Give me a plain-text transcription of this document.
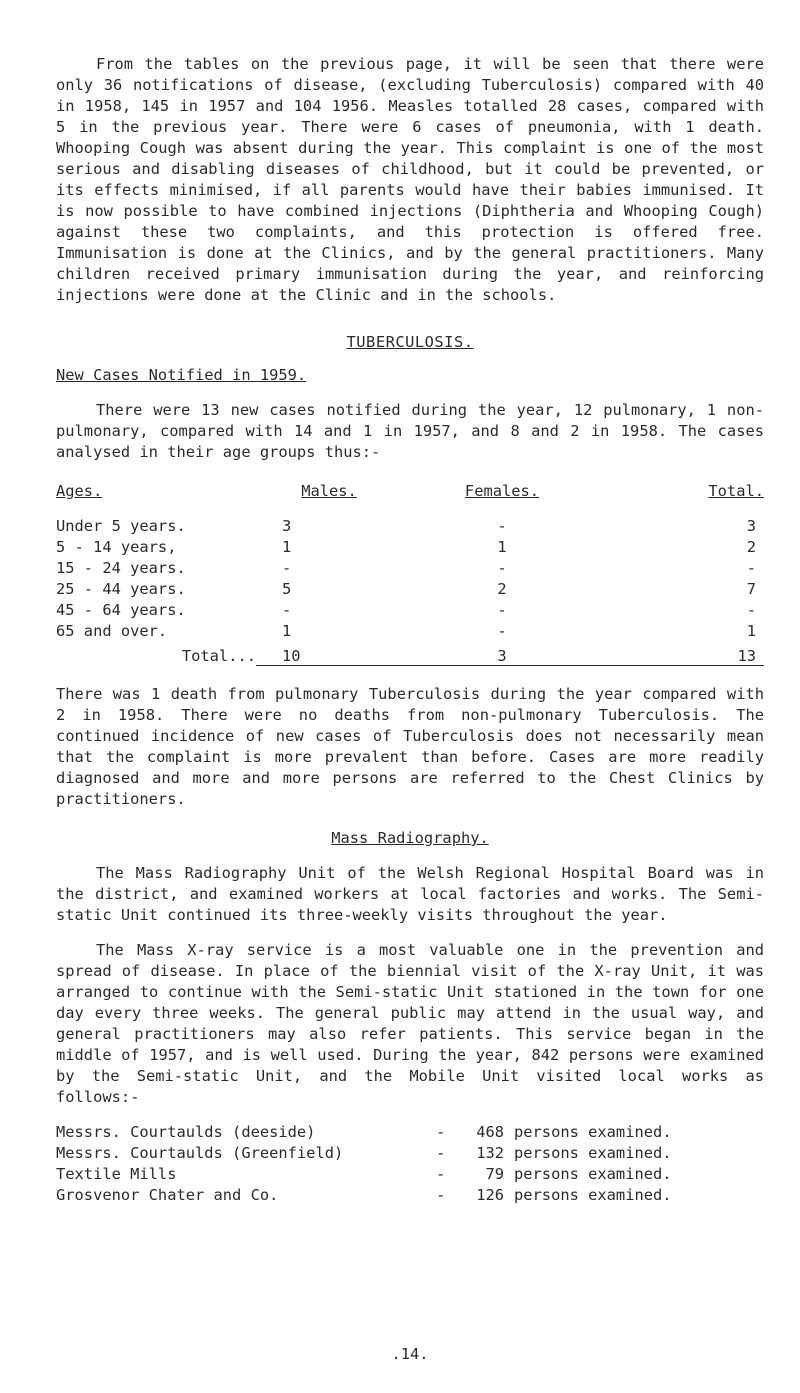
From the tables on the previous page, it will be seen that there were only 36 notifications of disease, (excluding Tuberculosis) compared with 40 in 1958, 145 in 1957 and 104 1956. Measles totalled 28 cases, compared with 5 in the previous year. There were 6 cases of pneumonia, with 1 death. Whooping Cough was absent during the year. This complaint is one of the most serious and disabling diseases of childhood, but it could be prevented, or its effects minimised, if all parents would have their babies immunised. It is now possible to have combined injections (Diphtheria and Whooping Cough) against these two complaints, and this protection is offered free. Immunisation is done at the Clinics, and by the general practitioners. Many children received primary immunisation during the year, and reinforcing injections were done at the Clinic and in the schools.

TUBERCULOSIS.

New Cases Notified in 1959.

There were 13 new cases notified during the year, 12 pulmonary, 1 non-pulmonary, compared with 14 and 1 in 1957, and 8 and 2 in 1958. The cases analysed in their age groups thus:-

Ages.	Males.	Females.	Total.
Under 5 years.	3	-	3
5 - 14 years,	1	1	2
15 - 24 years.	-	-	-
25 - 44 years.	5	2	7
45 - 64 years.	-	-	-
65 and over.	1	-	1
Total...	10	3	13

There was 1 death from pulmonary Tuberculosis during the year compared with 2 in 1958. There were no deaths from non-pulmonary Tuberculosis. The continued incidence of new cases of Tuberculosis does not necessarily mean that the complaint is more prevalent than before. Cases are more readily diagnosed and more and more persons are referred to the Chest Clinics by practitioners.

Mass Radiography.

The Mass Radiography Unit of the Welsh Regional Hospital Board was in the district, and examined workers at local factories and works. The Semi-static Unit continued its three-weekly visits throughout the year.

The Mass X-ray service is a most valuable one in the prevention and spread of disease. In place of the biennial visit of the X-ray Unit, it was arranged to continue with the Semi-static Unit stationed in the town for one day every three weeks. The general public may attend in the usual way, and general practitioners may also refer patients. This service began in the middle of 1957, and is well used. During the year, 842 persons were examined by the Semi-static Unit, and the Mobile Unit visited local works as follows:-

Messrs. Courtaulds (deeside)	-	468 persons examined.
Messrs. Courtaulds (Greenfield)	-	132 persons examined.
Textile Mills	-	79 persons examined.
Grosvenor Chater and Co.	-	126 persons examined.
.14.
